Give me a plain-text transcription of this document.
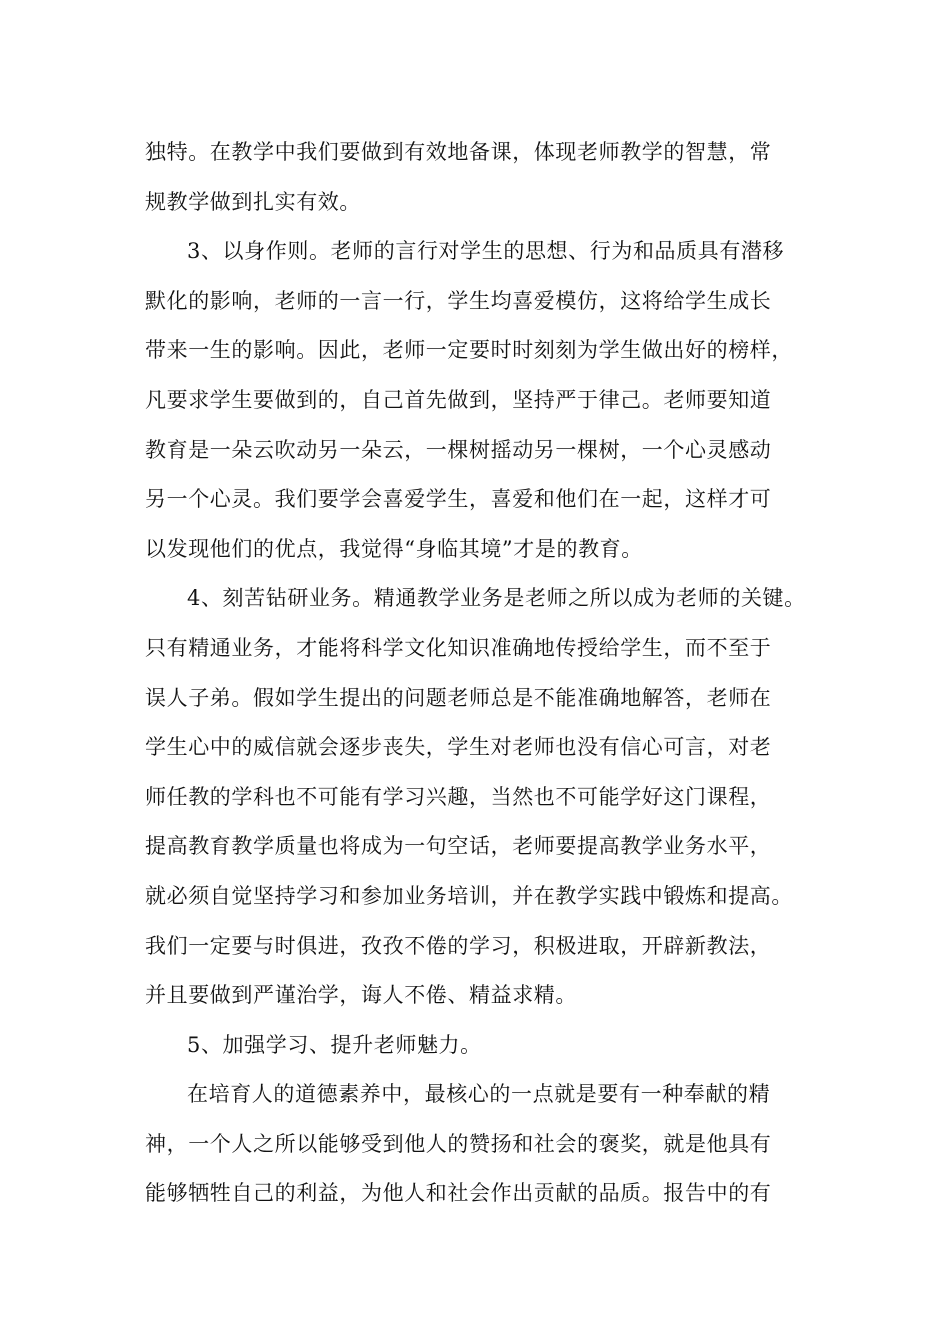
独特。在教学中我们要做到有效地备课，体现老师教学的智慧，常
规教学做到扎实有效。
3、以身作则。老师的言行对学生的思想、行为和品质具有潜移
默化的影响，老师的一言一行，学生均喜爱模仿，这将给学生成长
带来一生的影响。因此，老师一定要时时刻刻为学生做出好的榜样，
凡要求学生要做到的，自己首先做到，坚持严于律己。老师要知道
教育是一朵云吹动另一朵云，一棵树摇动另一棵树，一个心灵感动
另一个心灵。我们要学会喜爱学生，喜爱和他们在一起，这样才可
以发现他们的优点，我觉得“身临其境”才是的教育。
4、刻苦钻研业务。精通教学业务是老师之所以成为老师的关键。
只有精通业务，才能将科学文化知识准确地传授给学生，而不至于
误人子弟。假如学生提出的问题老师总是不能准确地解答，老师在
学生心中的威信就会逐步丧失，学生对老师也没有信心可言，对老
师任教的学科也不可能有学习兴趣，当然也不可能学好这门课程，
提高教育教学质量也将成为一句空话，老师要提高教学业务水平，
就必须自觉坚持学习和参加业务培训，并在教学实践中锻炼和提高。
我们一定要与时俱进，孜孜不倦的学习，积极进取，开辟新教法，
并且要做到严谨治学，诲人不倦、精益求精。
5、加强学习、提升老师魅力。
在培育人的道德素养中，最核心的一点就是要有一种奉献的精
神，一个人之所以能够受到他人的赞扬和社会的褒奖，就是他具有
能够牺牲自己的利益，为他人和社会作出贡献的品质。报告中的有
